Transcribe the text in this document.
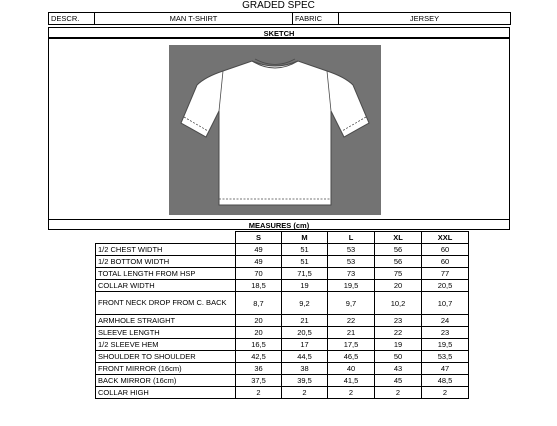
GRADED SPEC
DESCR.	MAN T-SHIRT	FABRIC	JERSEY
SKETCH
MEASURES (cm)
	S	M	L	XL	XXL
1/2 CHEST WIDTH	49	51	53	56	60
1/2 BOTTOM WIDTH	49	51	53	56	60
TOTAL LENGTH FROM HSP	70	71,5	73	75	77
COLLAR WIDTH	18,5	19	19,5	20	20,5
FRONT NECK DROP FROM C. BACK	8,7	9,2	9,7	10,2	10,7
ARMHOLE STRAIGHT	20	21	22	23	24
SLEEVE LENGTH	20	20,5	21	22	23
1/2 SLEEVE HEM	16,5	17	17,5	19	19,5
SHOULDER TO SHOULDER	42,5	44,5	46,5	50	53,5
FRONT MIRROR (16cm)	36	38	40	43	47
BACK MIRROR (16cm)	37,5	39,5	41,5	45	48,5
COLLAR HIGH	2	2	2	2	2
